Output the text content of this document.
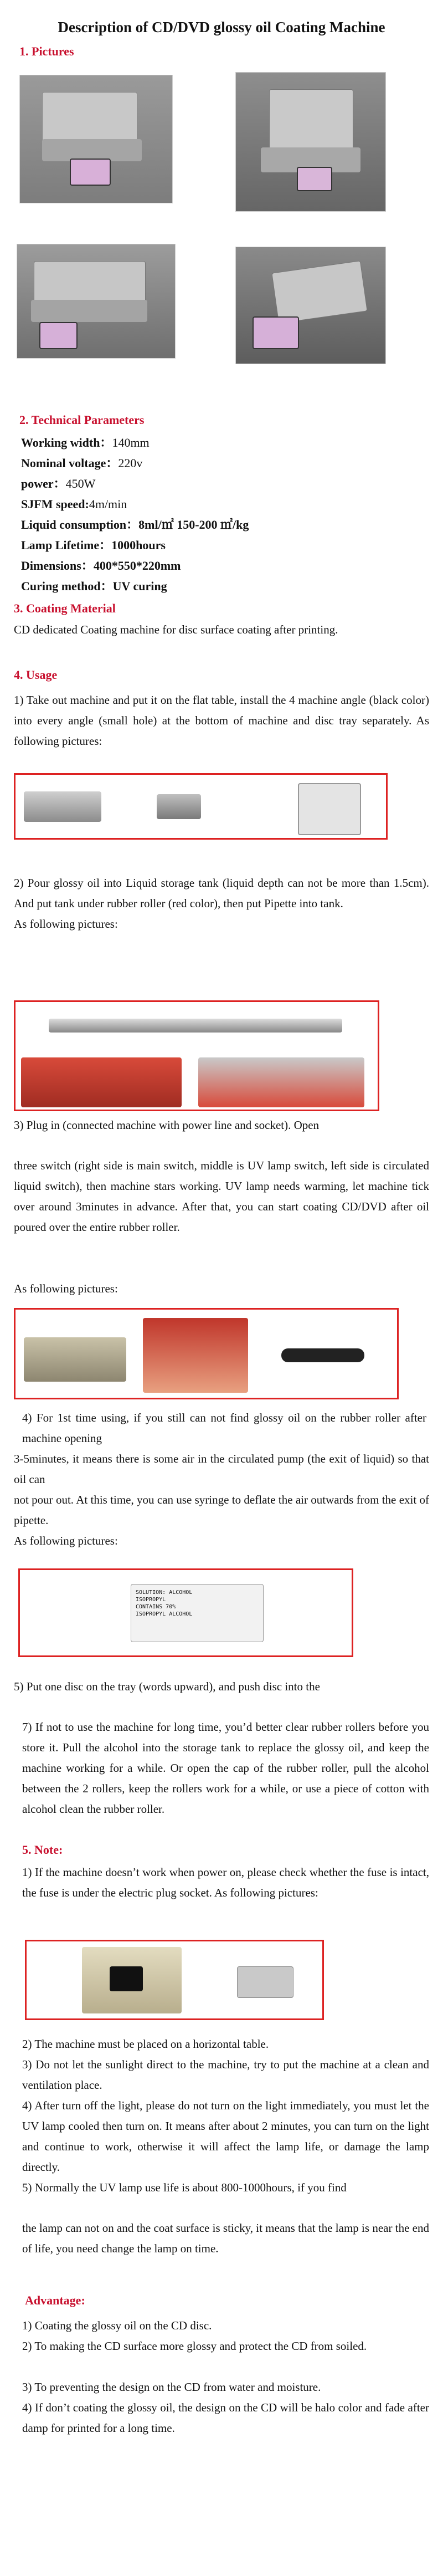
Description of CD/DVD glossy oil Coating Machine
1. Pictures
2. Technical Parameters
Working width：140mm
Nominal voltage：220v
power：450W
SJFM speed:4m/min
Liquid consumption：8ml/㎡ 150-200 ㎡/kg
Lamp Lifetime：1000hours
Dimensions：400*550*220mm
Curing method：UV curing
3. Coating Material
CD dedicated Coating machine for disc surface coating after printing.
4. Usage
1) Take out machine and put it on the flat table, install the 4 machine angle (black color) into every angle (small hole) at the bottom of machine and disc tray separately. As following pictures:
2) Pour glossy oil into Liquid storage tank (liquid depth can not be more than 1.5cm). And put tank under rubber roller (red color), then put Pipette into tank.
As following pictures:
3) Plug in (connected machine with power line and socket). Open
three switch (right side is main switch, middle is UV lamp switch, left side is circulated liquid switch), then machine stars working. UV lamp needs warming, let machine tick over around 3minutes in advance. After that, you can start coating CD/DVD after oil poured over the entire rubber roller.
As following pictures:
4) For 1st time using, if you still can not find glossy oil on the rubber roller after machine opening
3-5minutes, it means there is some air in the circulated pump (the exit of liquid) so that oil can
not pour out. At this time, you can use syringe to deflate the air outwards from the exit of pipette.
As following pictures:
SOLUTION: ALCOHOL
ISOPROPYL
CONTAINS 70%
ISOPROPYL ALCOHOL
5) Put one disc on the tray (words upward), and push disc into the
7) If not to use the machine for long time, you’d better clear rubber rollers before you store it. Pull the alcohol into the storage tank to replace the glossy oil, and keep the machine working for a while. Or open the cap of the rubber roller, pull the alcohol between the 2 rollers, keep the rollers work for a while, or use a piece of cotton with alcohol clean the rubber roller.
5. Note:
1) If the machine doesn’t work when power on, please check whether the fuse is intact, the fuse is under the electric plug socket. As following pictures:
2) The machine must be placed on a horizontal table.
3) Do not let the sunlight direct to the machine, try to put the machine at a clean and ventilation place.
4) After turn off the light, please do not turn on the light immediately, you must let the UV lamp cooled then turn on. It means after about 2 minutes, you can turn on the light and continue to work, otherwise it will affect the lamp life, or damage the lamp directly.
5) Normally the UV lamp use life is about 800-1000hours, if you find
the lamp can not on and the coat surface is sticky, it means that the lamp is near the end of life, you need change the lamp on time.
Advantage:
1) Coating the glossy oil on the CD disc.
2) To making the CD surface more glossy and protect the CD from soiled.
3) To preventing the design on the CD from water and moisture.
4) If don’t coating the glossy oil, the design on the CD will be halo color and fade after damp for printed for a long time.
